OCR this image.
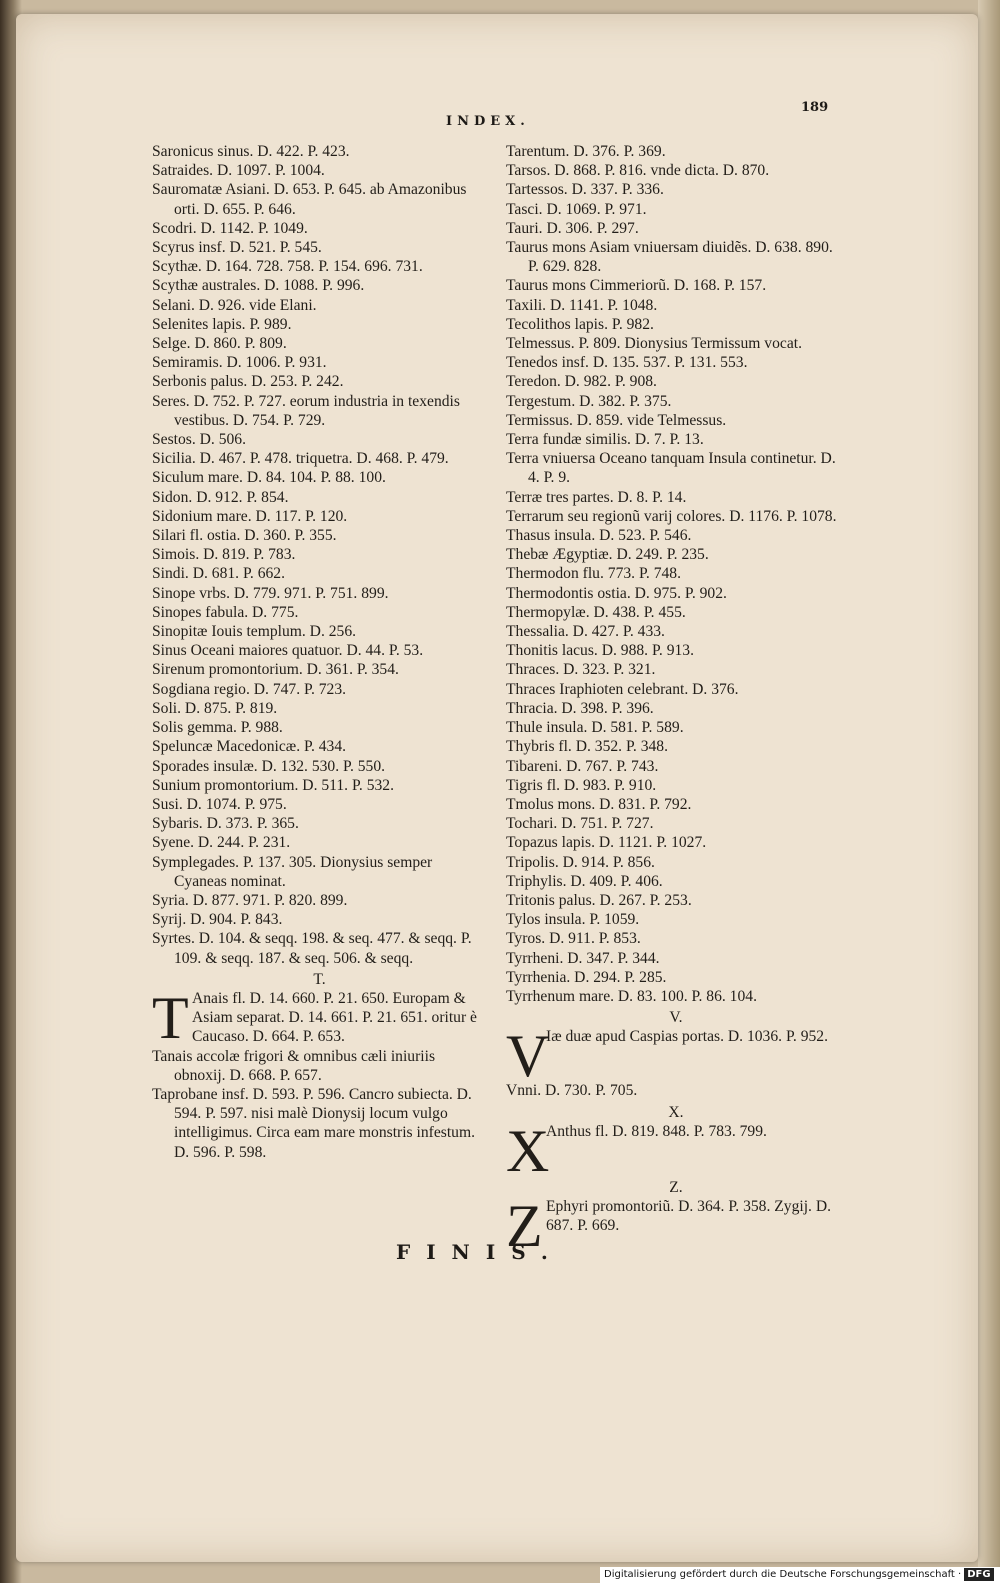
INDEX.
189
Saronicus sinus. D. 422. P. 423.
Satraides. D. 1097. P. 1004.
Sauromatæ Asiani. D. 653. P. 645. ab Amazonibus orti. D. 655. P. 646.
Scodri. D. 1142. P. 1049.
Scyrus insf. D. 521. P. 545.
Scythæ. D. 164. 728. 758. P. 154. 696. 731.
Scythæ australes. D. 1088. P. 996.
Selani. D. 926. vide Elani.
Selenites lapis. P. 989.
Selge. D. 860. P. 809.
Semiramis. D. 1006. P. 931.
Serbonis palus. D. 253. P. 242.
Seres. D. 752. P. 727. eorum industria in texendis vestibus. D. 754. P. 729.
Sestos. D. 506.
Sicilia. D. 467. P. 478. triquetra. D. 468. P. 479.
Siculum mare. D. 84. 104. P. 88. 100.
Sidon. D. 912. P. 854.
Sidonium mare. D. 117. P. 120.
Silari fl. ostia. D. 360. P. 355.
Simois. D. 819. P. 783.
Sindi. D. 681. P. 662.
Sinope vrbs. D. 779. 971. P. 751. 899.
Sinopes fabula. D. 775.
Sinopitæ Iouis templum. D. 256.
Sinus Oceani maiores quatuor. D. 44. P. 53.
Sirenum promontorium. D. 361. P. 354.
Sogdiana regio. D. 747. P. 723.
Soli. D. 875. P. 819.
Solis gemma. P. 988.
Speluncæ Macedonicæ. P. 434.
Sporades insulæ. D. 132. 530. P. 550.
Sunium promontorium. D. 511. P. 532.
Susi. D. 1074. P. 975.
Sybaris. D. 373. P. 365.
Syene. D. 244. P. 231.
Symplegades. P. 137. 305. Dionysius semper Cyaneas nominat.
Syria. D. 877. 971. P. 820. 899.
Syrij. D. 904. P. 843.
Syrtes. D. 104. & seqq. 198. & seq. 477. & seqq. P. 109. & seqq. 187. & seq. 506. & seqq.
T.
T Anais fl. D. 14. 660. P. 21. 650. Europam & Asiam separat. D. 14. 661. P. 21. 651. oritur è Caucaso. D. 664. P. 653.
Tanais accolæ frigori & omnibus cæli iniuriis obnoxij. D. 668. P. 657.
Taprobane insf. D. 593. P. 596. Cancro subiecta. D. 594. P. 597. nisi malè Dionysij locum vulgo intelligimus. Circa eam mare monstris infestum. D. 596. P. 598.
Tarentum. D. 376. P. 369.
Tarsos. D. 868. P. 816. vnde dicta. D. 870.
Tartessos. D. 337. P. 336.
Tasci. D. 1069. P. 971.
Tauri. D. 306. P. 297.
Taurus mons Asiam vniuersam diuidẽs. D. 638. 890. P. 629. 828.
Taurus mons Cimmeriorũ. D. 168. P. 157.
Taxili. D. 1141. P. 1048.
Tecolithos lapis. P. 982.
Telmessus. P. 809. Dionysius Termissum vocat.
Tenedos insf. D. 135. 537. P. 131. 553.
Teredon. D. 982. P. 908.
Tergestum. D. 382. P. 375.
Termissus. D. 859. vide Telmessus.
Terra fundæ similis. D. 7. P. 13.
Terra vniuersa Oceano tanquam Insula continetur. D. 4. P. 9.
Terræ tres partes. D. 8. P. 14.
Terrarum seu regionũ varij colores. D. 1176. P. 1078.
Thasus insula. D. 523. P. 546.
Thebæ Ægyptiæ. D. 249. P. 235.
Thermodon flu. 773. P. 748.
Thermodontis ostia. D. 975. P. 902.
Thermopylæ. D. 438. P. 455.
Thessalia. D. 427. P. 433.
Thonitis lacus. D. 988. P. 913.
Thraces. D. 323. P. 321.
Thraces Iraphioten celebrant. D. 376.
Thracia. D. 398. P. 396.
Thule insula. D. 581. P. 589.
Thybris fl. D. 352. P. 348.
Tibareni. D. 767. P. 743.
Tigris fl. D. 983. P. 910.
Tmolus mons. D. 831. P. 792.
Tochari. D. 751. P. 727.
Topazus lapis. D. 1121. P. 1027.
Tripolis. D. 914. P. 856.
Triphylis. D. 409. P. 406.
Tritonis palus. D. 267. P. 253.
Tylos insula. P. 1059.
Tyros. D. 911. P. 853.
Tyrrheni. D. 347. P. 344.
Tyrrhenia. D. 294. P. 285.
Tyrrhenum mare. D. 83. 100. P. 86. 104.
V.
V
Iæ duæ apud Caspias portas. D. 1036. P. 952.
Vnni. D. 730. P. 705.
X.
X
Anthus fl. D. 819. 848. P. 783. 799.
Z.
Z Ephyri promontoriũ. D. 364. P. 358. Zygij. D. 687. P. 669.
FINIS.
Digitalisierung gefördert durch die Deutsche Forschungsgemeinschaft · DFG
